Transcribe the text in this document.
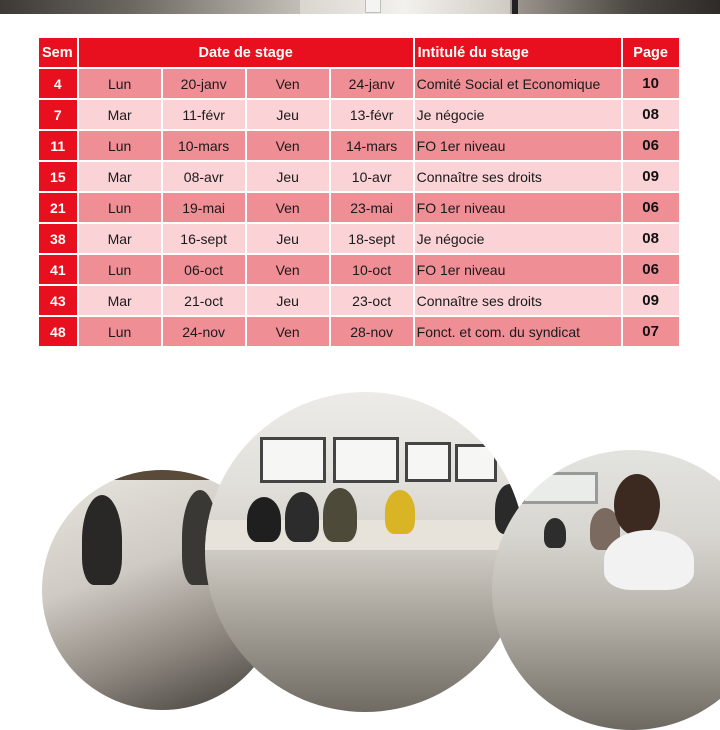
Sem	Date de stage				Intitulé du stage	Page
4	Lun	20-janv	Ven	24-janv	Comité Social et Economique	10
7	Mar	11-févr	Jeu	13-févr	Je négocie	08
11	Lun	10-mars	Ven	14-mars	FO 1er niveau	06
15	Mar	08-avr	Jeu	10-avr	Connaître ses droits	09
21	Lun	19-mai	Ven	23-mai	FO 1er niveau	06
38	Mar	16-sept	Jeu	18-sept	Je négocie	08
41	Lun	06-oct	Ven	10-oct	FO 1er niveau	06
43	Mar	21-oct	Jeu	23-oct	Connaître ses droits	09
48	Lun	24-nov	Ven	28-nov	Fonct. et com. du syndicat	07
